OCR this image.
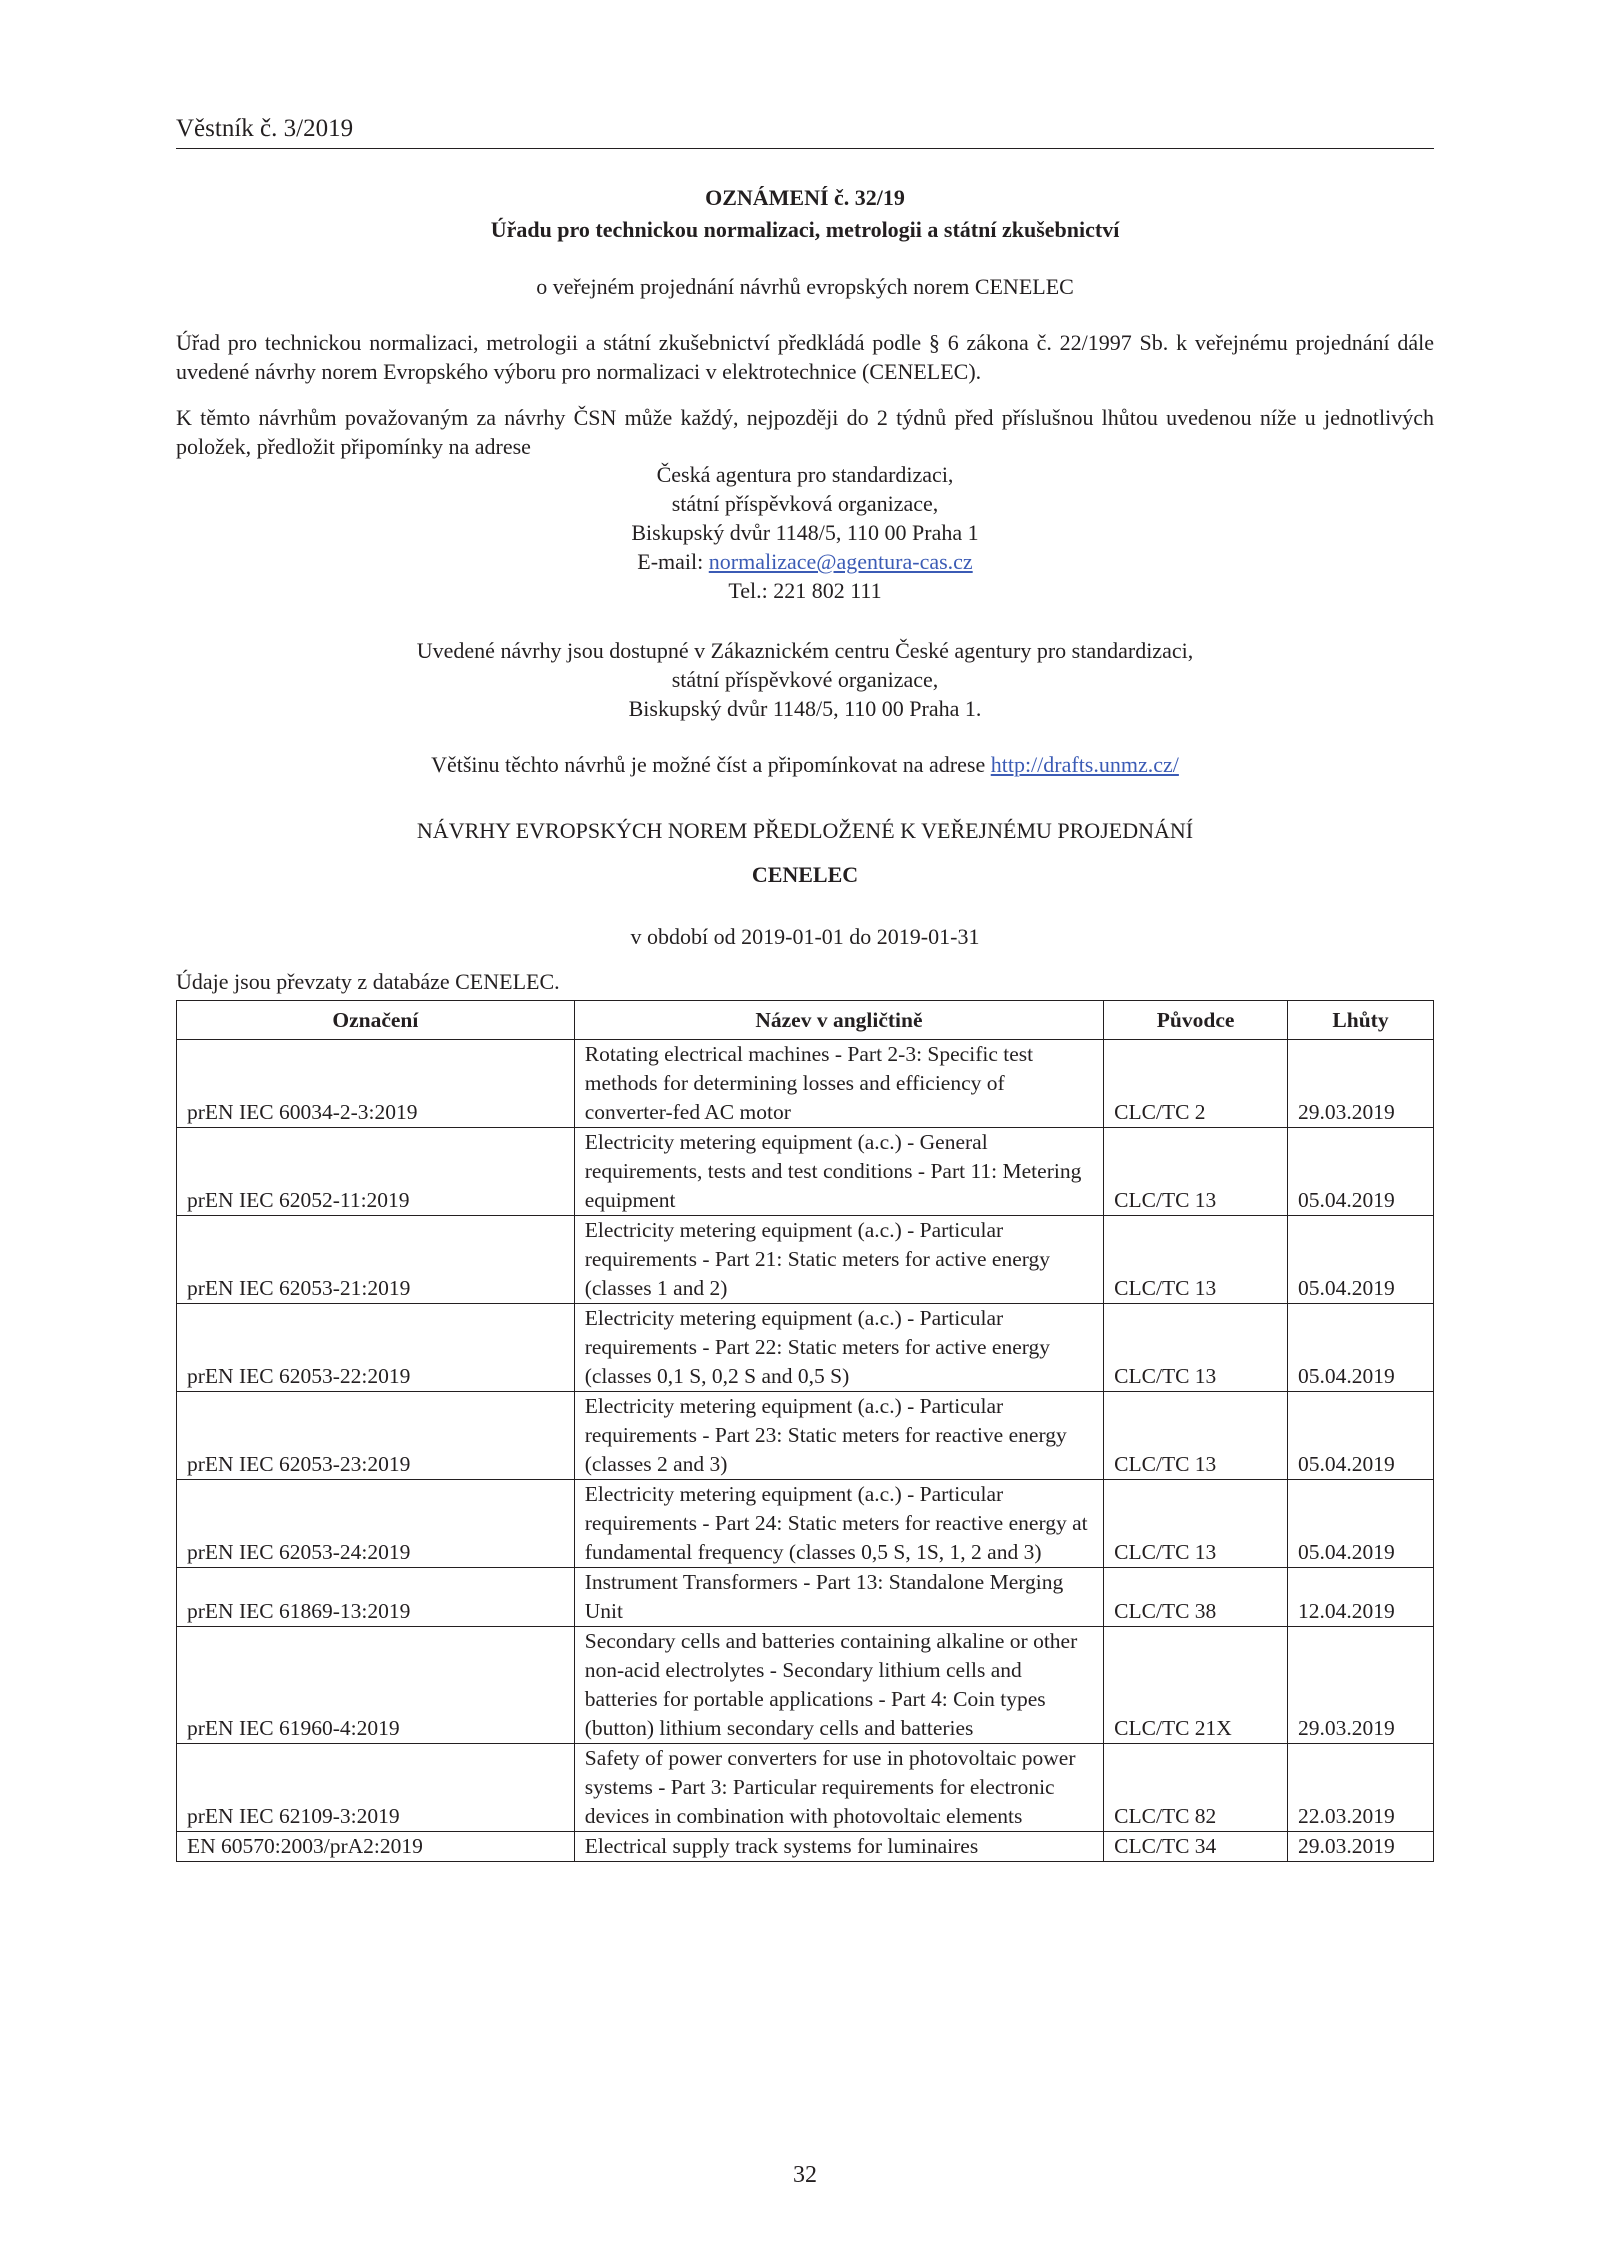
Věstník č. 3/2019
OZNÁMENÍ č. 32/19
Úřadu pro technickou normalizaci, metrologii a státní zkušebnictví
o veřejném projednání návrhů evropských norem CENELEC
Úřad pro technickou normalizaci, metrologii a státní zkušebnictví předkládá podle § 6 zákona č. 22/1997 Sb. k veřejnému projednání dále uvedené návrhy norem Evropského výboru pro normalizaci v elektrotechnice (CENELEC).
K těmto návrhům považovaným za návrhy ČSN může každý, nejpozději do 2 týdnů před příslušnou lhůtou uvedenou níže u jednotlivých položek, předložit připomínky na adrese
Česká agentura pro standardizaci,
státní příspěvková organizace,
Biskupský dvůr 1148/5, 110 00 Praha 1
E-mail: normalizace@agentura-cas.cz
Tel.: 221 802 111
Uvedené návrhy jsou dostupné v Zákaznickém centru České agentury pro standardizaci,
státní příspěvkové organizace,
Biskupský dvůr 1148/5, 110 00 Praha 1.
Většinu těchto návrhů je možné číst a připomínkovat na adrese http://drafts.unmz.cz/
NÁVRHY EVROPSKÝCH NOREM PŘEDLOŽENÉ K VEŘEJNÉMU PROJEDNÁNÍ
CENELEC
v období od 2019-01-01 do 2019-01-31
Údaje jsou převzaty z databáze CENELEC.
Označení	Název v angličtině	Původce	Lhůty
prEN IEC 60034-2-3:2019	Rotating electrical machines - Part 2-3: Specific test methods for determining losses and efficiency of converter-fed AC motor	CLC/TC 2	29.03.2019
prEN IEC 62052-11:2019	Electricity metering equipment (a.c.) - General requirements, tests and test conditions - Part 11: Metering equipment	CLC/TC 13	05.04.2019
prEN IEC 62053-21:2019	Electricity metering equipment (a.c.) - Particular requirements - Part 21: Static meters for active energy (classes 1 and 2)	CLC/TC 13	05.04.2019
prEN IEC 62053-22:2019	Electricity metering equipment (a.c.) - Particular requirements - Part 22: Static meters for active energy (classes 0,1 S, 0,2 S and 0,5 S)	CLC/TC 13	05.04.2019
prEN IEC 62053-23:2019	Electricity metering equipment (a.c.) - Particular requirements - Part 23: Static meters for reactive energy (classes 2 and 3)	CLC/TC 13	05.04.2019
prEN IEC 62053-24:2019	Electricity metering equipment (a.c.) - Particular requirements - Part 24: Static meters for reactive energy at fundamental frequency (classes 0,5 S, 1S, 1, 2 and 3)	CLC/TC 13	05.04.2019
prEN IEC 61869-13:2019	Instrument Transformers - Part 13: Standalone Merging Unit	CLC/TC 38	12.04.2019
prEN IEC 61960-4:2019	Secondary cells and batteries containing alkaline or other non-acid electrolytes - Secondary lithium cells and batteries for portable applications - Part 4: Coin types (button) lithium secondary cells and batteries	CLC/TC 21X	29.03.2019
prEN IEC 62109-3:2019	Safety of power converters for use in photovoltaic power systems - Part 3: Particular requirements for electronic devices in combination with photovoltaic elements	CLC/TC 82	22.03.2019
EN 60570:2003/prA2:2019	Electrical supply track systems for luminaires	CLC/TC 34	29.03.2019
32
